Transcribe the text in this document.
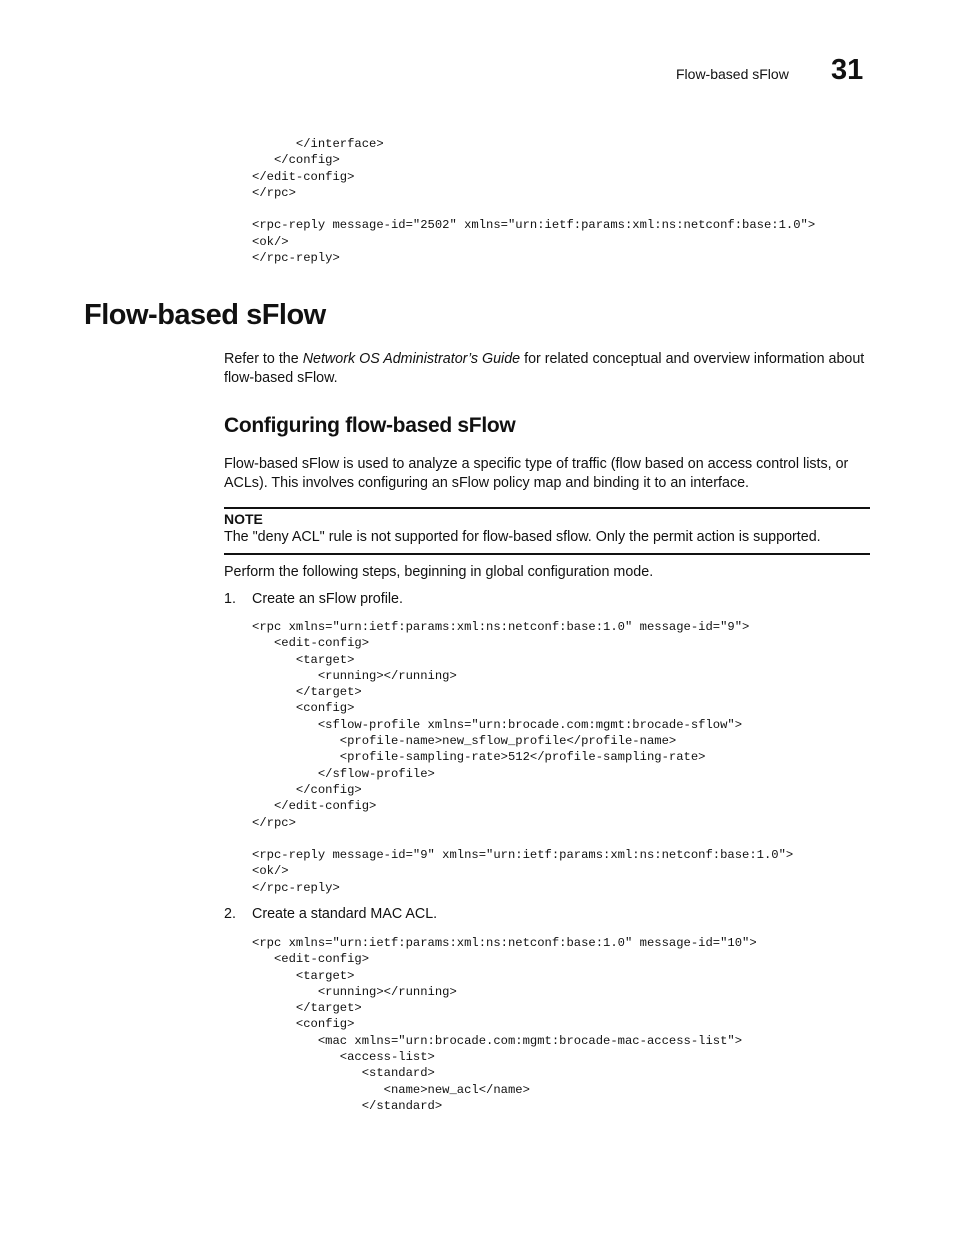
Flow-based sFlow 31
</interface>
</config>
</edit-config>
</rpc>

<rpc-reply message-id="2502" xmlns="urn:ietf:params:xml:ns:netconf:base:1.0">
<ok/>
</rpc-reply>
Flow-based sFlow
Refer to the Network OS Administrator’s Guide for related conceptual and overview information about flow-based sFlow.
Configuring flow-based sFlow
Flow-based sFlow is used to analyze a specific type of traffic (flow based on access control lists, or ACLs). This involves configuring an sFlow policy map and binding it to an interface.
NOTE
The "deny ACL" rule is not supported for flow-based sflow. Only the permit action is supported.
Perform the following steps, beginning in global configuration mode.
1. Create an sFlow profile.
<rpc xmlns="urn:ietf:params:xml:ns:netconf:base:1.0" message-id="9">
<edit-config>
<target>
<running></running>
</target>
<config>
<sflow-profile xmlns="urn:brocade.com:mgmt:brocade-sflow">
<profile-name>new_sflow_profile</profile-name>
<profile-sampling-rate>512</profile-sampling-rate>
</sflow-profile>
</config>
</edit-config>
</rpc>

<rpc-reply message-id="9" xmlns="urn:ietf:params:xml:ns:netconf:base:1.0">
<ok/>
</rpc-reply>
2. Create a standard MAC ACL.
<rpc xmlns="urn:ietf:params:xml:ns:netconf:base:1.0" message-id="10">
<edit-config>
<target>
<running></running>
</target>
<config>
<mac xmlns="urn:brocade.com:mgmt:brocade-mac-access-list">
<access-list>
<standard>
<name>new_acl</name>
</standard>
